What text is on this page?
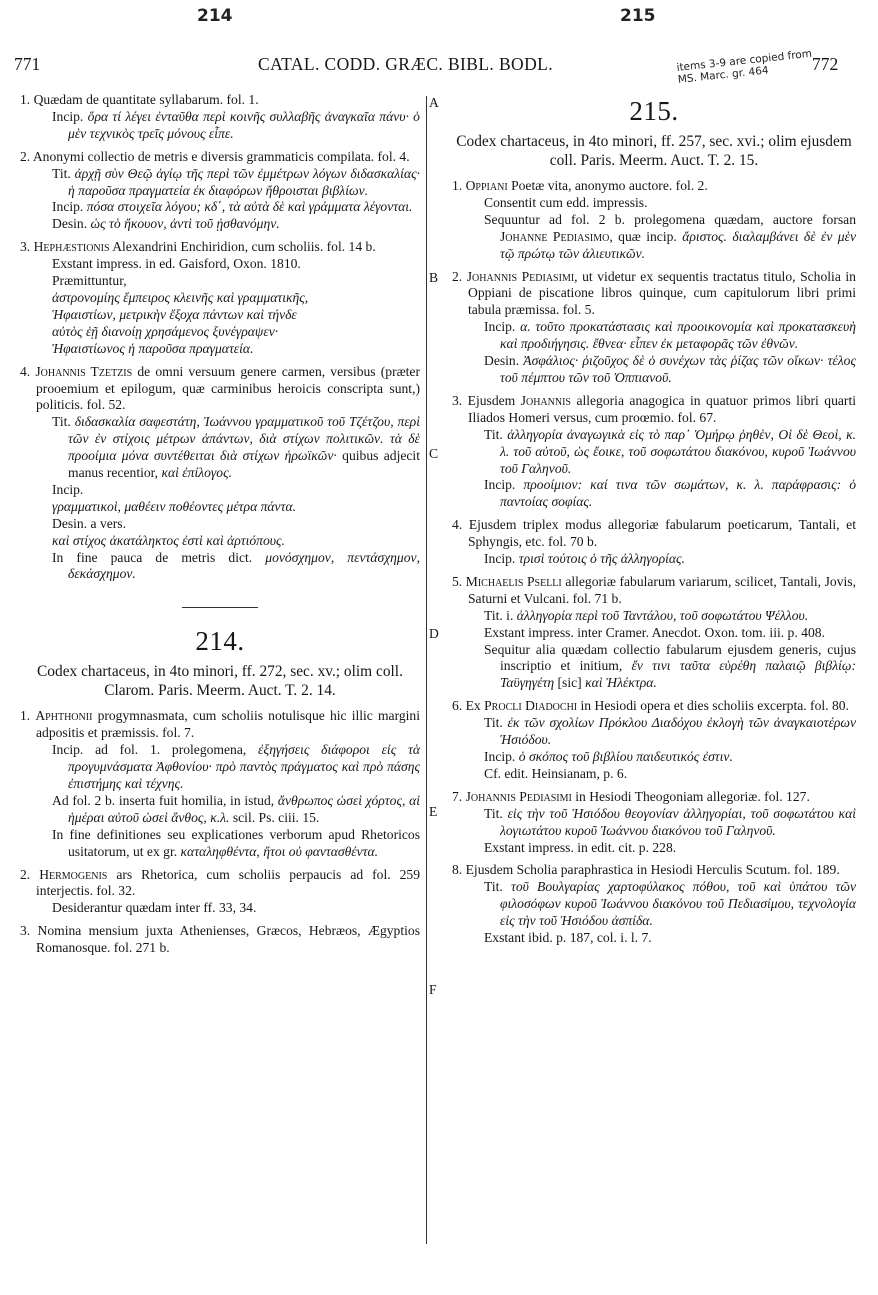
214	215
items 3-9 are copied from MS. Marc. gr. 464
771	CATAL. CODD. GRÆC. BIBL. BODL.	772
A
B
C
D
E
F

1. Quædam de quantitate syllabarum. fol. 1.

Incip. ὅρα τί λέγει ἐνταῦθα περὶ κοινῆς συλλαβῆς ἀναγκαῖα πάνυ· ὁ μὲν τεχνικὸς τρεῖς μόνους εἶπε.

2. Anonymi collectio de metris e diversis grammaticis compilata. fol. 4.

Tit. ἀρχῇ σὺν Θεῷ ἁγίῳ τῆς περὶ τῶν ἐμμέτρων λόγων διδασκαλίας· ἡ παροῦσα πραγματεία ἐκ διαφόρων ἤθροισται βιβλίων.

Incip. πόσα στοιχεῖα λόγου; κδ΄, τὰ αὐτὰ δὲ καὶ γράμματα λέγονται.

Desin. ὡς τὸ ἤκουον, ἀντὶ τοῦ ᾐσθανόμην.

3. Hephæstionis Alexandrini Enchiridion, cum scholiis. fol. 14 b.

Exstant impress. in ed. Gaisford, Oxon. 1810.

Præmittuntur,

ἀστρονομίης ἔμπειρος κλεινῆς καὶ γραμματικῆς,

Ἡφαιστίων, μετρικὴν ἔξοχα πάντων καὶ τήνδε

αὐτὸς ἑῇ διανοίῃ χρησάμενος ξυνέγραψεν·

Ἡφαιστίωνος ἡ παροῦσα πραγματεία.

4. Johannis Tzetzis de omni versuum genere carmen, versibus (præter prooemium et epilogum, quæ carminibus heroicis conscripta sunt,) politicis. fol. 52.

Tit. διδασκαλία σαφεστάτη, Ἰωάννου γραμματικοῦ τοῦ Τζέτζου, περὶ τῶν ἐν στίχοις μέτρων ἁπάντων, διὰ στίχων πολιτικῶν. τὰ δὲ προοίμια μόνα συντέθειται διὰ στίχων ἡρωϊκῶν· quibus adjecit manus recentior, καὶ ἐπίλογος.

Incip.

γραμματικοὶ, μαθέειν ποθέοντες μέτρα πάντα.

Desin. a vers.

καὶ στίχος ἀκατάληκτος ἐστὶ καὶ ἀρτιόπους.

In fine pauca de metris dict. μονόσχημον, πεντάσχημον, δεκάσχημον.

214.
Codex chartaceus, in 4to minori, ff. 272, sec. xv.; olim coll. Clarom. Paris. Meerm. Auct. T. 2. 14.

1. Aphthonii progymnasmata, cum scholiis notulisque hic illic margini adpositis et præmissis. fol. 7.

Incip. ad fol. 1. prolegomena, ἐξηγήσεις διάφοροι εἰς τὰ προγυμνάσματα Ἀφθονίου· πρὸ παντὸς πράγματος καὶ πρὸ πάσης ἐπιστήμης καὶ τέχνης.

Ad fol. 2 b. inserta fuit homilia, in istud, ἄνθρωπος ὡσεὶ χόρτος, αἱ ἡμέραι αὐτοῦ ὡσεὶ ἄνθος, κ.λ. scil. Ps. ciii. 15.

In fine definitiones seu explicationes verborum apud Rhetoricos usitatorum, ut ex gr. καταληφθέντα, ἤτοι οὐ φαντασθέντα.

2. Hermogenis ars Rhetorica, cum scholiis perpaucis ad fol. 259 interjectis. fol. 32.

Desiderantur quædam inter ff. 33, 34.

3. Nomina mensium juxta Athenienses, Græcos, Hebræos, Ægyptios Romanosque. fol. 271 b.

215.
Codex chartaceus, in 4to minori, ff. 257, sec. xvi.; olim ejusdem coll. Paris. Meerm. Auct. T. 2. 15.

1. Oppiani Poetæ vita, anonymo auctore. fol. 2.

Consentit cum edd. impressis.

Sequuntur ad fol. 2 b. prolegomena quædam, auctore forsan Johanne Pediasimo, quæ incip. ἄριστος. διαλαμβάνει δὲ ἐν μὲν τῷ πρώτῳ τῶν ἁλιευτικῶν.

2. Johannis Pediasimi, ut videtur ex sequentis tractatus titulo, Scholia in Oppiani de piscatione libros quinque, cum capitulorum libri primi tabula præmissa. fol. 5.

Incip. α. τοῦτο προκατάστασις καὶ προοικονομία καὶ προκατασκευὴ καὶ προδιήγησις. ἔθνεα· εἶπεν ἐκ μεταφορᾶς τῶν ἐθνῶν.

Desin. Ἀσφάλιος· ῥιζοῦχος δὲ ὁ συνέχων τὰς ῥίζας τῶν οἴκων· τέλος τοῦ πέμπτου τῶν τοῦ Ὀππιανοῦ.

3. Ejusdem Johannis allegoria anagogica in quatuor primos libri quarti Iliados Homeri versus, cum proœmio. fol. 67.

Tit. ἀλληγορία ἀναγωγικὰ εἰς τὸ παρ᾽ Ὁμήρῳ ῥηθὲν, Οἱ δὲ Θεοὶ, κ. λ. τοῦ αὐτοῦ, ὡς ἔοικε, τοῦ σοφωτάτου διακόνου, κυροῦ Ἰωάννου τοῦ Γαληνοῦ.

Incip. προοίμιον: καί τινα τῶν σωμάτων, κ. λ. παράφρασις: ὁ παντοίας σοφίας.

4. Ejusdem triplex modus allegoriæ fabularum poeticarum, Tantali, et Sphyngis, etc. fol. 70 b.

Incip. τρισὶ τούτοις ὁ τῆς ἀλληγορίας.

5. Michaelis Pselli allegoriæ fabularum variarum, scilicet, Tantali, Jovis, Saturni et Vulcani. fol. 71 b.

Tit. i. ἀλληγορία περὶ τοῦ Ταντάλου, τοῦ σοφωτάτου Ψέλλου.

Exstant impress. inter Cramer. Anecdot. Oxon. tom. iii. p. 408.

Sequitur alia quædam collectio fabularum ejusdem generis, cujus inscriptio et initium, ἔν τινι ταῦτα εὑρέθη παλαιῷ βιβλίῳ: Ταϋγηγέτη [sic] καὶ Ἠλέκτρα.

6. Ex Procli Diadochi in Hesiodi opera et dies scholiis excerpta. fol. 80.

Tit. ἐκ τῶν σχολίων Πρόκλου Διαδόχου ἐκλογὴ τῶν ἀναγκαιοτέρων Ἡσιόδου.

Incip. ὁ σκόπος τοῦ βιβλίου παιδευτικός ἐστιν.

Cf. edit. Heinsianam, p. 6.

7. Johannis Pediasimi in Hesiodi Theogoniam allegoriæ. fol. 127.

Tit. εἰς τὴν τοῦ Ἡσιόδου θεογονίαν ἀλληγορίαι, τοῦ σοφωτάτου καὶ λογιωτάτου κυροῦ Ἰωάννου διακόνου τοῦ Γαληνοῦ.

Exstant impress. in edit. cit. p. 228.

8. Ejusdem Scholia paraphrastica in Hesiodi Herculis Scutum. fol. 189.

Tit. τοῦ Βουλγαρίας χαρτοφύλακος πόθου, τοῦ καὶ ὑπάτου τῶν φιλοσόφων κυροῦ Ἰωάννου διακόνου τοῦ Πεδιασίμου, τεχνολογία εἰς τὴν τοῦ Ἡσιόδου ἀσπίδα.

Exstant ibid. p. 187, col. i. l. 7.
